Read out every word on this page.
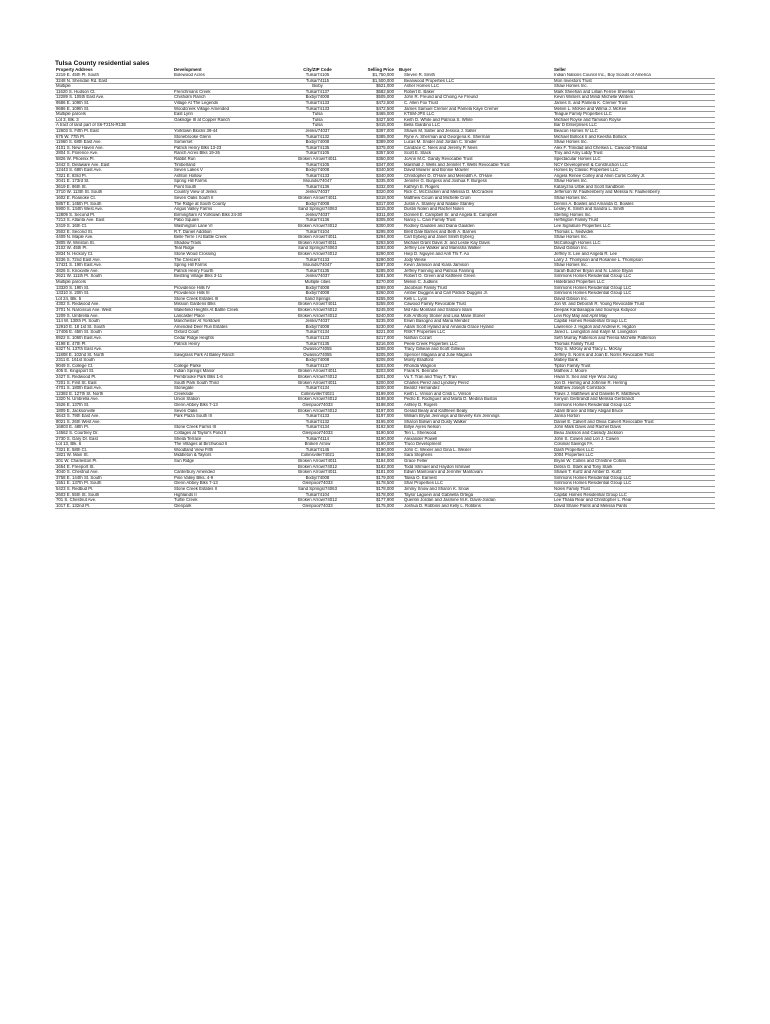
Tulsa County residential sales
Property Address	Development	City/ZIP Code	Selling Price	Buyer	Seller
2219 E. 45th Pl. South	Bolewood Acres	Tulsa/74105	$1,750,000	Steven R. Smith	Indian Nations Council Inc., Boy Scouts of America
3248 N. Sheridan Rd. East		Tulsa/74115	$1,500,000	Beanwood Properties LLC	Mon Investors Trust
Multiple		Bixby	$621,000	Asher Homes LLC	Shaw Homes Inc.
11620 S. Hudson Ct.	Frenchmans Creek	Tulsa/74137	$582,500	Robert E. Baker	Mark Sheehan and Lillian Ferree Sheehan
12289 S. 105th East Ave.	Chisholm Ranch	Bixby/74008	$505,000	John R. Freund and Chiong Ae Freund	Kevin Winters and Mindi Michelle Winters
9586 E. 109th St.	Village At The Legends	Tulsa/74133	$472,500	C. Allen Fox Trust	James S. and Pamela K. Cremer Trust
9686 E. 109th St.	Woodcreek Village Amended	Tulsa/74133	$472,500	James Samuel Cremer and Pamela Kaye Cremer	Melvin L. McKee and Wilma J. McKee
Multiple parcels	East Lynn	Tulsa	$465,000	KTSM-JPS LLC	Teague Family Properties LLC
Lot 3, Blk. 3	Oakridge III at Copper Ranch	Tulsa	$427,500	Keith D. White and Patricia S. White	Michael Royse and Tamison Royse
A tract of land part of S6-T21N-R13E		Tulsa	$415,000	Bella Giardino LLC	Bar D Enterprises LLC
12603 S. Fifth Pl. East	Yorktown Blocks 39-44	Jenks/74037	$397,000	Shawn M. Salter and Jessica J. Salter	Beacon Homes IV LLC
675 W. 77th Pl.	Stonebrooke Glenn	Tulsa/74132	$385,000	Ryne A. Sherman and Georgena K. Sherman	Michael Bollock II and Keesha Bollock
11960 S. 68th East Ave.	Somerset	Bixby/74008	$389,000	Lucas M. Snider and Jordan C. Snider	Shaw Homes Inc.
4101 S. New Haven Ave.	Patrick Henry Blks 13-23	Tulsa/74135	$375,000	Candace C. Nees and Jeremy P. Nees	Alex F. Trinidad and Chelsea L. Cawood-Trinidad
2804 S. Florence Ave.	Ranch Acres Blks 19-26	Tulsa/74105	$357,500	Scott E. Stack	Troy and Amy Liddy Trust
5826 W. Phoenix Pl.	Rabbit Run	Broken Arrow/74011	$350,000	JoAnn M.C. Gandy Revocable Trust	Spectacular Homes LLC
3442 S. Delaware Ave. East	Timberland	Tulsa/74105	$347,000	Marshall J. Wells and Jennifer T. Wells Revocable Trust	NCY Development & Construction LLC
12443 S. 68th East Ave.	Seven Lakes V	Bixby/74008	$340,500	David Mowrer and Bonnie Mowrer	Homes by Classic Properties LLC
7321 E. 83rd Pl.	Ashton Hollow	Tulsa/74133	$340,000	Christopher D. O'Hare and Meredith A. O'Hare	Angela Renee Corley and Alvin Curtis Corley Jr.
2041 E. 173rd St.	Spring Hill Farms	Mounds/74047	$335,000	Jennifer G. Burgess and Joshua F. Burgess	Shaw Homes Inc.
3619 E. 86th St.	Point South	Tulsa/74136	$332,000	Kathryn E. Rogers	Kataryzna Urbik and Scott Sandblom
3710 W. 113th St. South	Country View of Jenks	Jenks/74037	$320,000	Rick C. McCracken and Melissa D. McCracken	Jefferson W. Faulkenberry and Melissa N. Faulkenberry
1602 E. Roanoke Ct.	Seven Oaks South II	Broken Arrow/74011	$318,000	Matthew Cicum and Michelle Crum	Shaw Homes Inc.
5857 E. 145th Pl. South	The Ridge at South County	Bixby/74008	$317,000	Justin A. Stanley and Natalie Stanley	Dennis A. Bowles and Amanda G. Bowles
5900 S. 134th West Ave.	Angus Valley Farms	Sand Springs/74063	$315,000	Dustin Nolen and Rachel Nolen	Lesley K. Smith and Sandra L. Smith
12809 S. Second Pl.	Birmingham At Yorktown Blks 24-30	Jenks/74037	$311,000	Donnell E. Campbell Sr. and Angela E. Campbell	Sterling Homes Inc.
7213 S. Atlanta Ave. East	Patio Square	Tulsa/74136	$305,000	Nancy L. Cain Family Trust	Heffington Family Trust
2419 S. 16th Ct.	Washington Lane VI	Broken Arrow/74012	$300,000	Rodney Gaulden and Diana Gaulden	Lee Signature Properties LLC
2502 E. Second St.	R.T. Daniel Addition	Tulsa/74104	$295,000	Brett Dale Barnes and Beth A. Barnes	Thomas L. Nedvidek
4409 N. Maple Ave.	Belle Terre I At Battle Creek	Broken Arrow/74011	$294,000	Carl Eyberg and Janet Smith Eyberg	Shaw Homes Inc.
3805 W. Winston St.	Shadow Trails	Broken Arrow/74011	$293,500	Michael Grant Davis Jr. and Leslie Kay Davis	McCollough Homes LLC
2102 W. 45th Pl.	Teal Ridge	Sand Springs/74063	$293,000	Jeffrey Lee Walker and Marissha Walker	David Gibson Inc.
2834 N. Hickory Ct.	Stone Wood Crossing	Broken Arrow/74012	$290,000	Hiep D. Nguyen and Anh Thi T. Ao	Jeffrey S. Lee and Angela R. Lee
8236 S. 72nd East Ave.	The Crescent	Tulsa/74133	$290,000	Jody Weise	Larry J. Thompson and Rosanne L. Thompson
17421 S. 19th East Ave.	Spring Hill Farms	Mounds/74047	$287,000	Kevin Jamison and Kiara Jamison	Shaw Homes Inc.
4826 S. Knoxville Ave.	Patrick Henry Fourth	Tulsa/74135	$285,000	Jeffrey Fanning and Patricia Fanning	Sarah Butcher Bryan and N. Lance Bryan
2621 W. 111th Pl. South	Bestling Village Blks 3-11	Jenks/74037	$281,500	Robert O. Green and Kathleen Green	Simmons Homes Residential Group LLC
Multiple parcels		Multiple cities	$270,000	Melvin C. Judkins	Hildebrand Properties LLC
13320 S. 19th St.	Providence Hills IV	Bixby/74008	$269,000	Jacobson Family Trust	Simmons Homes Residential Group LLC
13310 S. 20th St.	Providence Hills III	Bixby/74008	$260,000	Amber Duggins and Carl Patrick Duggins Jr.	Simmons Homes Residential Group LLC
Lot 24, Blk. 5	Stone Creek Estates III	Sand Springs	$255,000	Kelli L. Lyon	David Gibson Inc.
4302 S. Redwood Ave.	Mission Gardens Blks	Broken Arrow/74011	$255,000	Cawood Family Revocable Trust	Jon W. and Deborah R. Young Revocable Trust
3701 N. Narcissus Ave. West	Wakefield Heights At Battle Creek	Broken Arrow/74012	$245,000	Md Abu Montasir and Sraboni Islam	Deepak Karibasappa and Soumya Kidiyoor
1209 S. Umbrella Ave.	Lancaster Place	Broken Arrow/74012	$240,000	Kirk Anthony Stoner and Lisa Marie Stoner	Levi Roy May and April May
114 W. 130th Pl. South	Manchester At Yorktown	Jenks/74037	$235,000	Erwin Basogno and Maria Mendez	Capital Homes Residential Group LLC
12910 E. 18 1st St. South	Amended Deer Run Estates	Bixby/74008	$230,000	Adam Scott Hyland and Amanda Grace Hyland	Lawrence J. Higdon and Andrew K. Higdon
17406 E. 45th St. South	Oxford Court	Tulsa/74134	$221,000	RSKT Properties LLC	Jared L. Livingston and Kalyn M. Livingston
8922 S. 106th East Ave.	Cedar Ridge Heights	Tulsa/74133	$217,000	Nathan Cozart	Seth Murray Patterson and Teresa Michelle Patterson
4198 E. 47th Pl.	Patrick Henry	Tulsa/74135	$216,000	Peele Creek Properties LLC	Thomas Family Trust
6327 N. 137th East Ave.		Owasso/74055	$208,000	Tracy Gilliean and Scott Gilliean	Toby S. McKay and Tracy L. McKay
11808 E. 102nd St. North	Sawgrass Park At Bailey Ranch	Owasso/74055	$205,000	Spencer Magana and Julie Magana	Jeffrey S. Norris and Joan E. Norris Revocable Trust
2311 E. 161st South		Bixby/74008	$205,000	Monty Bradford	Mabey Bank
9049 S. College Ct.	College Parke	Tulsa/74137	$203,000	Rhonda Wagnon	Tipton Family Trust
405 E. Kingsport St.	Indian Springs Manor	Broken Arrow/74011	$203,000	Frank N. Benrube	Mathew J. Moore
2427 S. Redwood Pl.	Pembrooke Park Blks 1-6	Broken Arrow/74012	$201,000	Vu T. Tran and Thuy T. Tran	Hwan S. Seo and Hye Woo Jung
7201 S. First St. East	South Park South Third	Broken Arrow/74011	$200,000	Charles Perez and Lyndsey Perez	Jon D. Herring and Johnnie R. Herring
4701 S. 180th East Ave.	Stonegate	Tulsa/74134	$200,000	Beatriz Hernandez	Matthew Joseph Comstock
12382 E. 127th St. North	Creekside	Collinsville/74021	$199,000	Keith L. Vinson and Cristi L. Vinson	Travis J. Matthews and Danielle R. Matthews
1320 N. Umbrella Ave.	Union Station	Broken Arrow/74012	$198,500	Pedro E. Rodriguez and Marta D. Medina Bustos	Kenyon Gerbrandt and Melissa Gerbrandt
1526 E. 137th St.	Glenn Abbey Blks 7-13	Glenpool/74033	$198,000	Ashley D. Rogers	Simmons Homes Residential Group LLC
1809 E. Jacksonville	Seven Oaks	Broken Arrow/74012	$197,000	Gerald Bealy and Kathleen Bealy	Adam Bruce and Mary Abigail Bruce
6643 S. 79th East Ave.	Park Plaza South III	Tulsa/74133	$197,000	William Bryan Jennings and Beverly Kim Jennings	Janna Horton
8021 S. 26th West Ave.		Tulsa/74132	$195,000	Sharon Bolwin and Dusty Walker	Daniel E. Calvert and Olivia Calvert Revocable Trust
16803 E. 48th Pl.	Stone Creek Farms III	Tulsa/74134	$192,500	Billye Ayres Nelson	John Mark Davis and Rachel Davis
14562 S. Courtney Dr.	Cottages at Taylor's Pond II	Glenpool/74033	$190,500	Teri L. Sherwood	Beau Jackson and Cassidy Jackson
2730 S. Gary Dr. East	Sheila Terrace	Tulsa/74114	$190,000	Alexander Powell	John S. Cowen and Lori J. Cowen
Lot 13, Blk. 6	The Villages at Birchwood II	Broken Arrow	$190,000	Truco Development	Colonial Savings FA
7321 E. 58th Ct.	Woodland View Fifth	Tulsa/74145	$190,000	John C. Wexler and Gina L. Wexler	Dash Properties LLC
1821 W. Main St.	Middleton & Taylors	Collinsville/74021	$186,000	Sara Stephens	2004 Properties LLC
201 W. Charleston Pl.	Sun Ridge	Broken Arrow/74011	$184,000	Grace Feller	Bryan W. Collins and Christine Collins
1654 E. Freeport St.		Broken Arrow/74012	$182,000	Todd Ishmael and Haydon Ishmael	Debra G. Stark and Tony Stark
4040 S. Chestnut Ave.	Canterbury Amended	Broken Arrow/74011	$181,000	Edwin Mantovani and Jennifer Mantovani	Shawn T. Kurtz and Amber D. Kurtz
3758 E. 144th St. South	Pine Valley Blks. 4-9	Bixby/74008	$179,000	Talisa O. Earnest	Simmons Homes Residential Group LLC
1551 E. 137th Pl. South	Glenn Abbey Blks 7-13	Glenpool/74033	$178,500	Shar Properties LLC	Simmons Homes Residential Group LLC
5423 S. Redbud Pl.	Stone Creek Estates II	Sand Springs/74063	$178,000	Jimmy Snow and Sharon K. Snow	Nolen Family Trust
2603 E. 55th St. South	Highlands II	Tulsa/74104	$178,000	Taylor Lagoein and Gabriella Ortega	Capital Homes Residential Group LLC
701 S. Chestnut Ave.	Turtle Creek	Broken Arrow/74012	$177,900	Quentin Jordan and Jasmine M.K. Davis-Jordan	Lee Thalia Rear and Christopher L. Rear
1017 E. 132nd Pl.	Glenpark	Glenpool/74033	$175,000	Joshua D. Robbins and Kelly L. Robbins	David Shane Pants and Melissa Pants
